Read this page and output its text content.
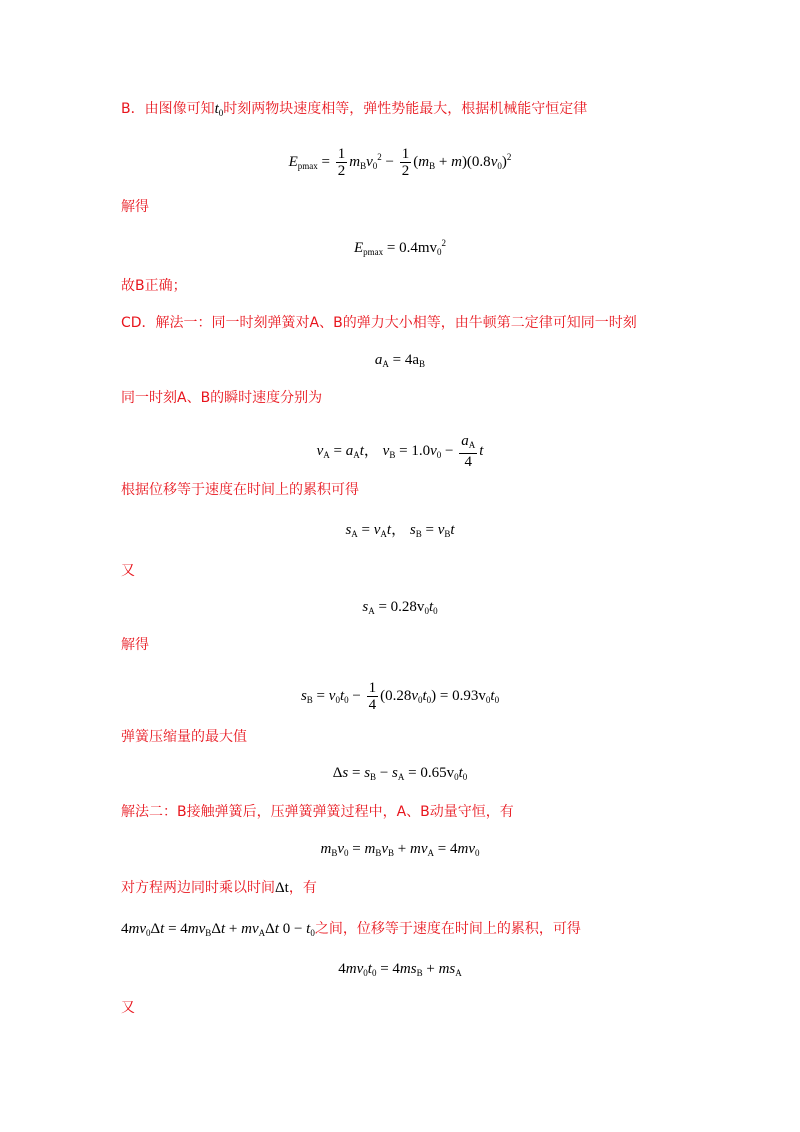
B．由图像可知$t_0$时刻两物块速度相等，弹性势能最大，根据机械能守恒定律
$E_{pmax} = \frac{1}{2} m_Bv_0^2 - \frac{1}{2} (m_B + m)(0.8v_0)^2$
解得
$E_{pmax} = 0.4mv_0^2$
故B正确；
CD．解法一：同一时刻弹簧对A、B的弹力大小相等，由牛顿第二定律可知同一时刻
$a_A = 4a_B$
同一时刻A、B的瞬时速度分别为
$v_A = a_At$， $v_B = 1.0v_0 - \frac{a_A}{4}$ t
根据位移等于速度在时间上的累积可得
$s_A = v_At$， $s_B = v_Bt$
又
$s_A = 0.28v_0t_0$
解得
$s_B = v_0t_0 - \frac{1}{4} (0.28v_0t_0) = 0.93v_0t_0$
弹簧压缩量的最大值
$\Delta s = s_B - s_A = 0.65v_0t_0$
解法二：B接触弹簧后，压弹簧弹簧过程中，A、B动量守恒，有
$m_Bv_0 = m_Bv_B + mv_A = 4mv_0$
对方程两边同时乘以时间Δt，有
$4mv_0\Delta t = 4mv_B\Delta t + mv_A\Delta t$ $0 - t_0$之间，位移等于速度在时间上的累积，可得
$4mv_0t_0 = 4ms_B + ms_A$
又
